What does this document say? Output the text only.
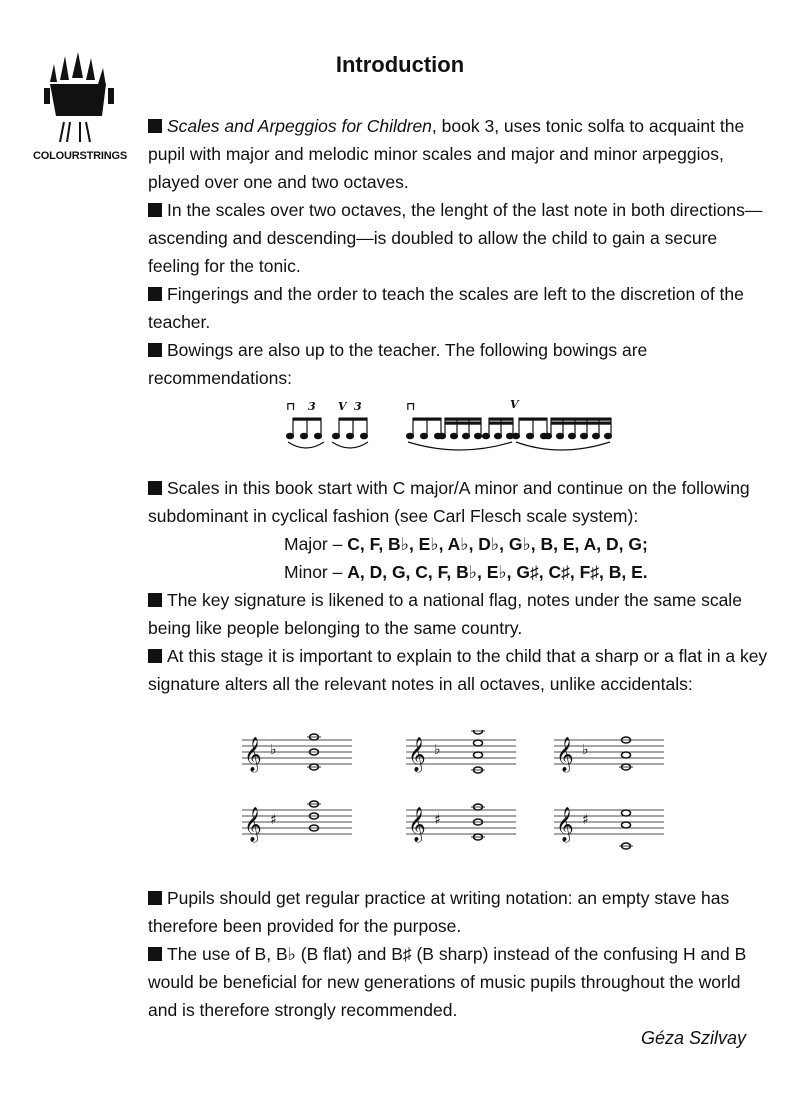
COLOURSTRINGS
Introduction

Scales and Arpeggios for Children, book 3, uses tonic solfa to acquaint the pupil with major and melodic minor scales and major and minor arpeggios, played over one and two octaves.

In the scales over two octaves, the lenght of the last note in both directions—ascending and descending—is doubled to allow the child to gain a secure feeling for the tonic.

Fingerings and the order to teach the scales are left to the discretion of the teacher.

Bowings are also up to the teacher. The following bowings are recommendations:

⊓ 3 V 3	⊓	V

Scales in this book start with C major/A minor and continue on the following subdominant in cyclical fashion (see Carl Flesch scale system):

Major – C, F, B♭, E♭, A♭, D♭, G♭, B, E, A, D, G;

Minor – A, D, G, C, F, B♭, E♭, G♯, C♯, F♯, B, E.

The key signature is likened to a national flag, notes under the same scale being like people belonging to the same country.

At this stage it is important to explain to the child that a sharp or a flat in a key signature alters all the relevant notes in all octaves, unlike accidentals:

𝄞 ♭	𝄞 ♭	𝄞 ♭
𝄞 ♯	𝄞 ♯	𝄞 ♯

Pupils should get regular practice at writing notation: an empty stave has therefore been provided for the purpose.

The use of B, B♭ (B flat) and B♯ (B sharp) instead of the confusing H and B would be beneficial for new generations of music pupils throughout the world and is therefore strongly recommended.

Géza Szilvay
